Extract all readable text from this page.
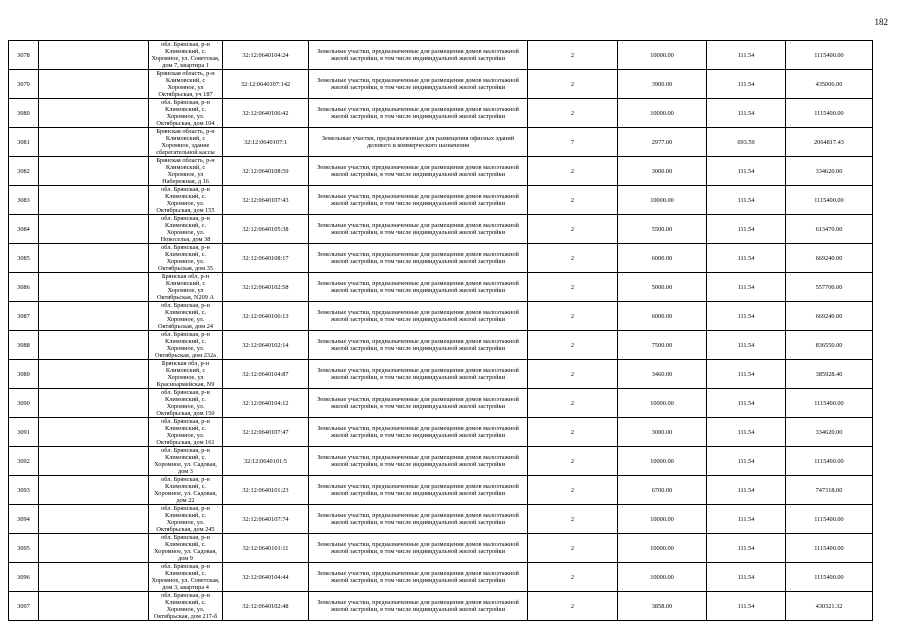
182
3078		обл. Брянская, р-н Климовский, с. Хоромное, ул. Советская, дом 7, квартира 1	32:12:0640104:24	Земельные участки, предназначенные для размещения домов малоэтажной жилой застройки, в том числе индивидуальной жилой застройки	2	10000.00	111.54	1115400.00
3079		Брянская область, р-н Климовский, с Хоромное, ул Октябрьская, уч 187	32:12:0640107:142	Земельные участки, предназначенные для размещения домов малоэтажной жилой застройки, в том числе индивидуальной жилой застройки	2	3900.00	111.54	435006.00
3080		обл. Брянская, р-н Климовский, с. Хоромное, ул. Октябрьская, дом 104	32:12:0640106:42	Земельные участки, предназначенные для размещения домов малоэтажной жилой застройки, в том числе индивидуальной жилой застройки	2	10000.00	111.54	1115400.00
3081		Брянская область, р-н Климовский, с Хоромное, здание сберегательной кассы	32:12:0640107:1	Земельные участки, предназначенные для размещения офисных зданий делового и коммерческого назначения	7	2977.00	693.59	2064817.43
3082		Брянская область, р-н Климовский, с Хоромное, ул Набережная, д 16	32:12:0640108:59	Земельные участки, предназначенные для размещения домов малоэтажной жилой застройки, в том числе индивидуальной жилой застройки	2	3000.00	111.54	334620.00
3083		обл. Брянская, р-н Климовский, с. Хоромное, ул. Октябрьская, дом 155	32:12:0640107:43	Земельные участки, предназначенные для размещения домов малоэтажной жилой застройки, в том числе индивидуальной жилой застройки	2	10000.00	111.54	1115400.00
3084		обл. Брянская, р-н Климовский, с. Хоромное, ул. Новоселья, дом 38	32:12:0640105:38	Земельные участки, предназначенные для размещения домов малоэтажной жилой застройки, в том числе индивидуальной жилой застройки	2	5500.00	111.54	613470.00
3085		обл. Брянская, р-н Климовский, с. Хоромное, ул. Октябрьская, дом 35	32:12:0640108:17	Земельные участки, предназначенные для размещения домов малоэтажной жилой застройки, в том числе индивидуальной жилой застройки	2	6000.00	111.54	669240.00
3086		Брянская обл, р-н Климовский, с Хоромное, ул Октябрьская, N209 А	32:12:0640102:58	Земельные участки, предназначенные для размещения домов малоэтажной жилой застройки, в том числе индивидуальной жилой застройки	2	5000.00	111.54	557700.00
3087		обл. Брянская, р-н Климовский, с. Хоромное, ул. Октябрьская, дом 24	32:12:0640106:13	Земельные участки, предназначенные для размещения домов малоэтажной жилой застройки, в том числе индивидуальной жилой застройки	2	6000.00	111.54	669240.00
3088		обл. Брянская, р-н Климовский, с. Хоромное, ул. Октябрьская, дом 232а	32:12:0640102:14	Земельные участки, предназначенные для размещения домов малоэтажной жилой застройки, в том числе индивидуальной жилой застройки	2	7500.00	111.54	836550.00
3089		Брянская обл, р-н Климовский, с Хоромное, ул Красноармейская, N9	32:12:0640104:87	Земельные участки, предназначенные для размещения домов малоэтажной жилой застройки, в том числе индивидуальной жилой застройки	2	3460.00	111.54	385928.40
3090		обл. Брянская, р-н Климовский, с. Хоромное, ул. Октябрьская, дом 150	32:12:0640104:12	Земельные участки, предназначенные для размещения домов малоэтажной жилой застройки, в том числе индивидуальной жилой застройки	2	10000.00	111.54	1115400.00
3091		обл. Брянская, р-н Климовский, с. Хоромное, ул. Октябрьская, дом 161	32:12:0640107:47	Земельные участки, предназначенные для размещения домов малоэтажной жилой застройки, в том числе индивидуальной жилой застройки	2	3000.00	111.54	334620.00
3092		обл. Брянская, р-н Климовский, с. Хоромное, ул. Садовая, дом 3	32:12:0640101:5	Земельные участки, предназначенные для размещения домов малоэтажной жилой застройки, в том числе индивидуальной жилой застройки	2	10000.00	111.54	1115400.00
3093		обл. Брянская, р-н Климовский, с. Хоромное, ул. Садовая, дом 22	32:12:0640101:23	Земельные участки, предназначенные для размещения домов малоэтажной жилой застройки, в том числе индивидуальной жилой застройки	2	6700.00	111.54	747318.00
3094		обл. Брянская, р-н Климовский, с. Хоромное, ул. Октябрьская, дом 245	32:12:0640107:74	Земельные участки, предназначенные для размещения домов малоэтажной жилой застройки, в том числе индивидуальной жилой застройки	2	10000.00	111.54	1115400.00
3095		обл. Брянская, р-н Климовский, с. Хоромное, ул. Садовая, дом 9	32:12:0640101:11	Земельные участки, предназначенные для размещения домов малоэтажной жилой застройки, в том числе индивидуальной жилой застройки	2	10000.00	111.54	1115400.00
3096		обл. Брянская, р-н Климовский, с. Хоромное, ул. Советская, дом 3, квартира 4	32:12:0640104:44	Земельные участки, предназначенные для размещения домов малоэтажной жилой застройки, в том числе индивидуальной жилой застройки	2	10000.00	111.54	1115400.00
3097		обл. Брянская, р-н Климовский, с. Хоромное, ул. Октябрьская, дом 217-б	32:12:0640102:48	Земельные участки, предназначенные для размещения домов малоэтажной жилой застройки, в том числе индивидуальной жилой застройки	2	3858.00	111.54	430321.32
